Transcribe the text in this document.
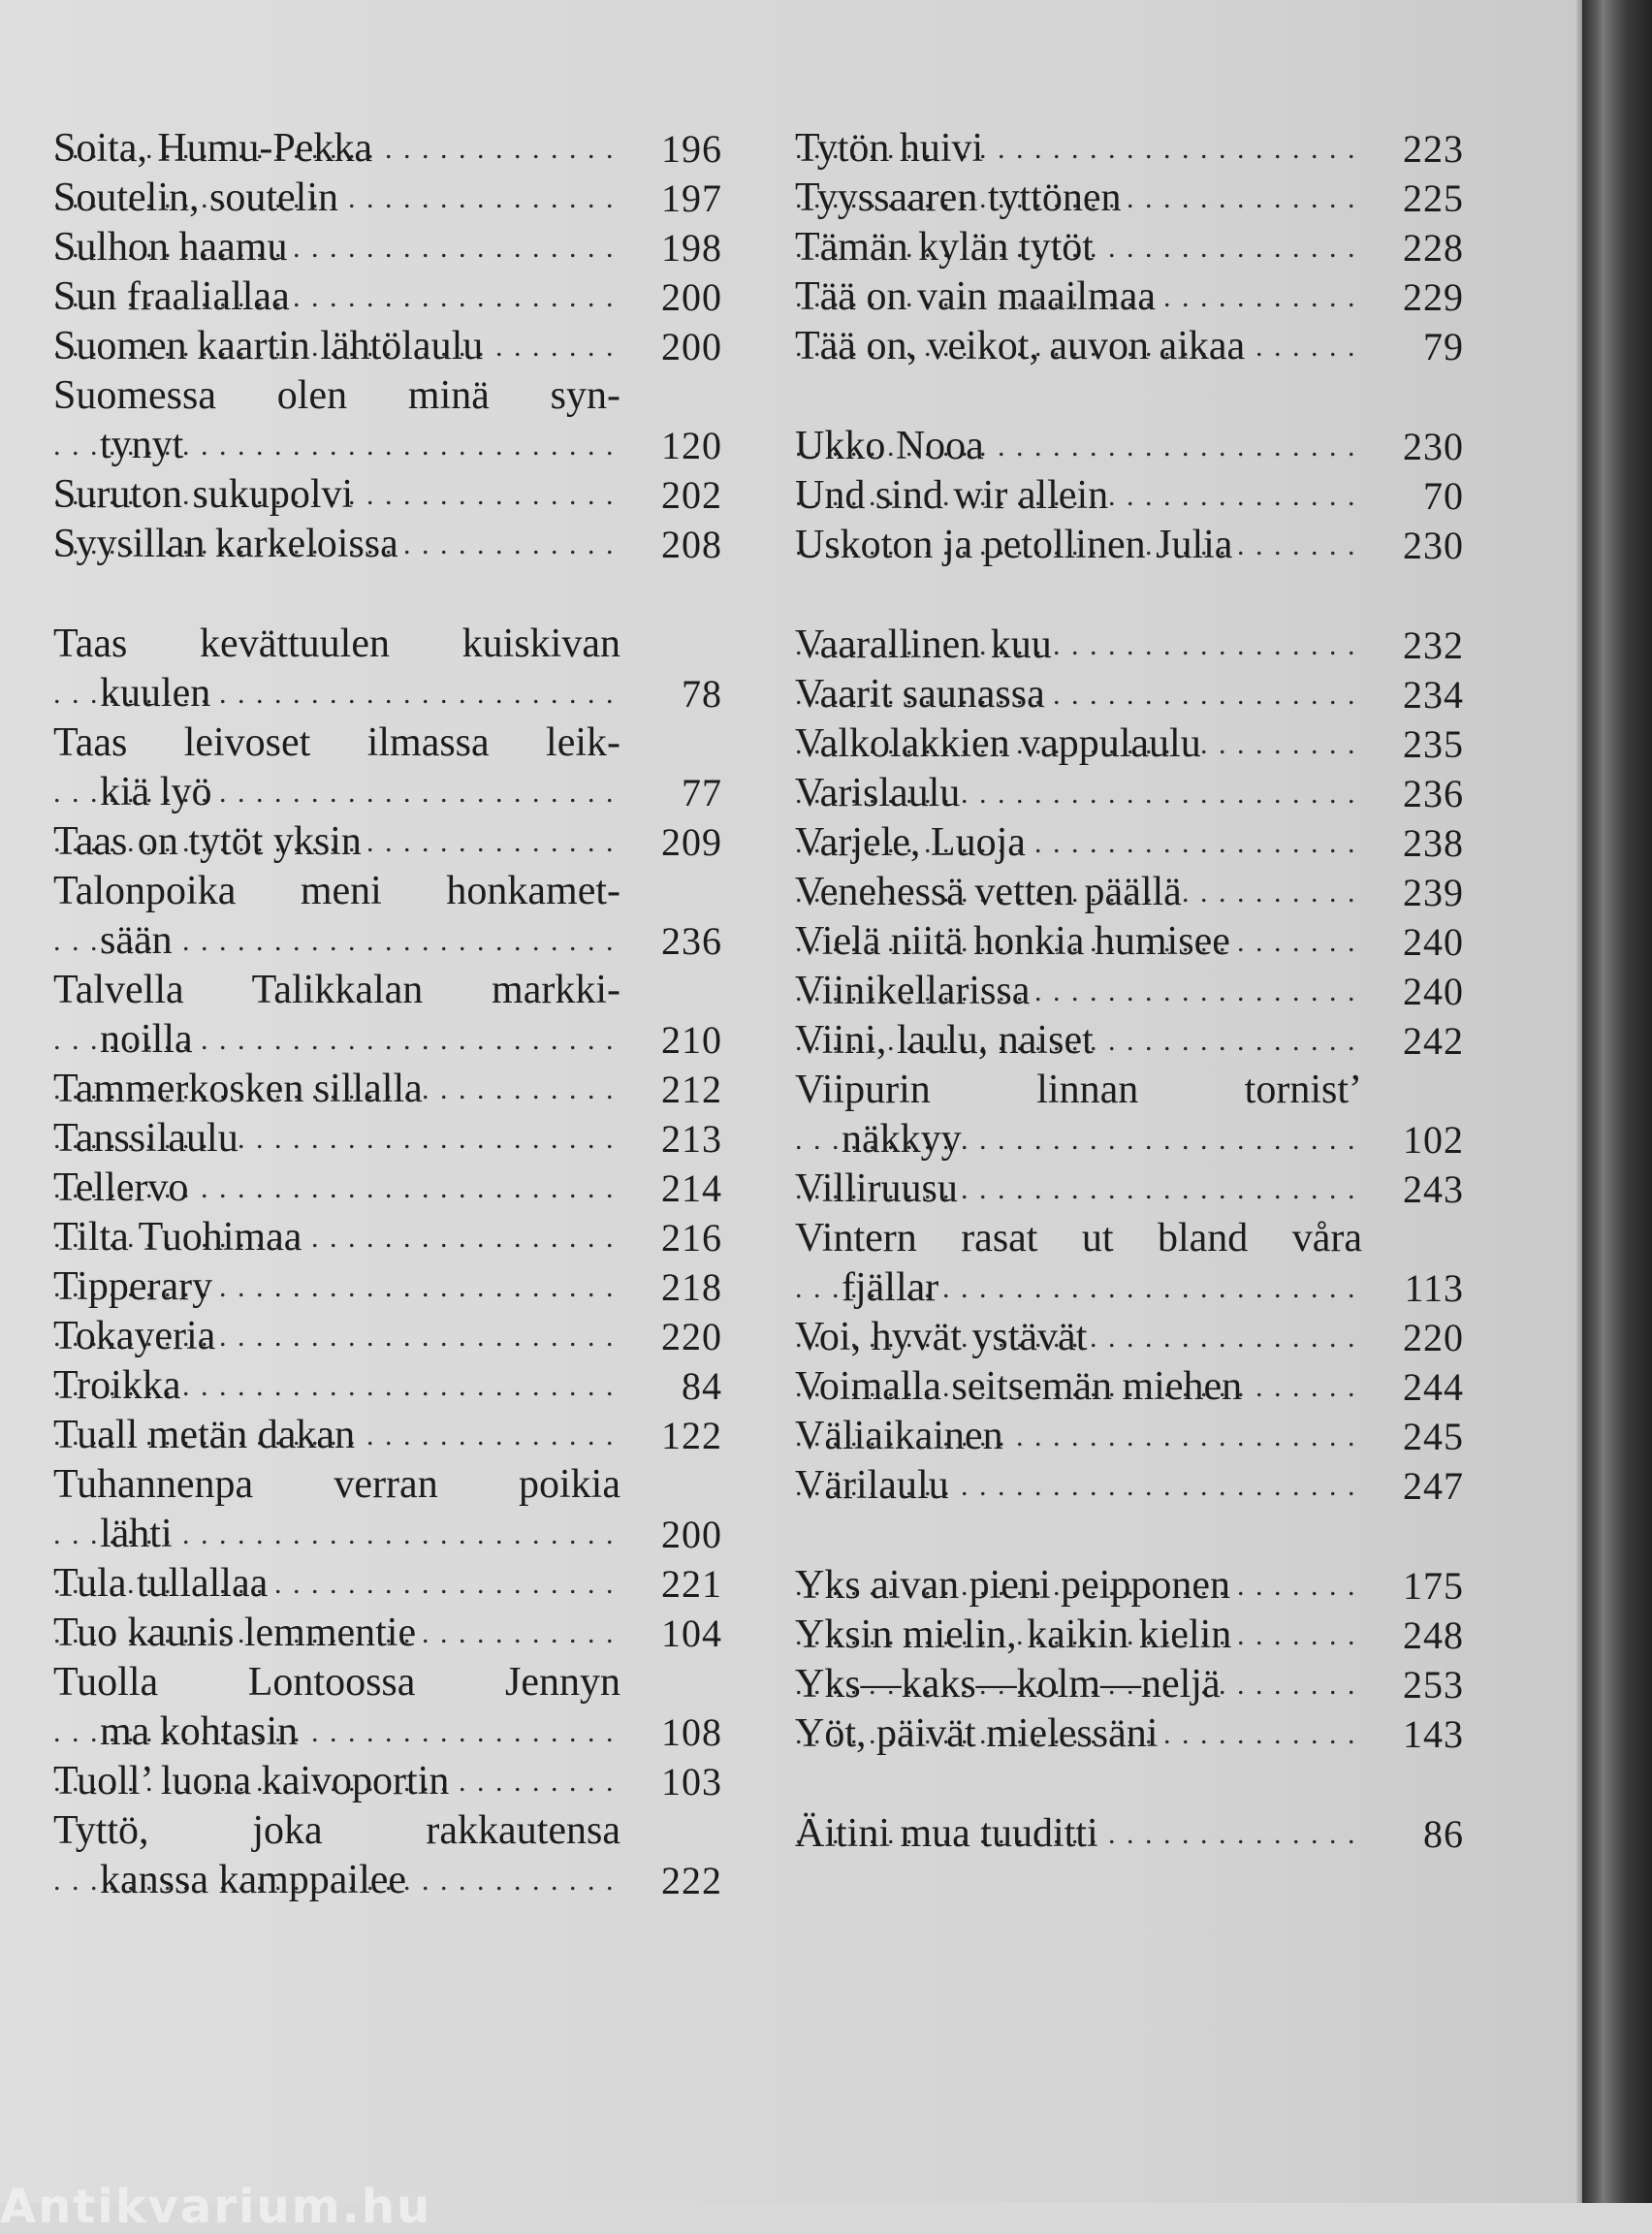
. . . Soita, Humu-Pekka	196
. . . Soutelin, soutelin	197
. . . Sulhon haamu	198
. . . Sun fraaliallaa	200
. . . Suomen kaartin lähtölaulu	200
Suomessa olen minä syn-
. . . tynyt	120
. . . Suruton sukupolvi	202
. . . Syysillan karkeloissa	208
Taas kevättuulen kuiskivan
. . . kuulen	78
Taas leivoset ilmassa leik-
. . . kiä lyö	77
. . . Taas on tytöt yksin	209
Talonpoika meni honkamet-
. . . sään	236
Talvella Talikkalan markki-
. . . noilla	210
. . . Tammerkosken sillalla	212
. . . Tanssilaulu	213
. . . Tellervo	214
. . . Tilta Tuohimaa	216
. . . Tipperary	218
. . . Tokayeria	220
. . . Troikka	84
. . . Tuall metän dakan	122
Tuhannenpa verran poikia
. . . lähti	200
. . . Tula tullallaa	221
. . . Tuo kaunis lemmentie	104
Tuolla Lontoossa Jennyn
. . . ma kohtasin	108
. . . Tuoll’ luona kaivoportin	103
Tyttö, joka rakkautensa
. . . kanssa kamppailee	222
. . . Tytön huivi	223
. . . Tyyssaaren tyttönen	225
. . . Tämän kylän tytöt	228
. . . Tää on vain maailmaa	229
. . . Tää on, veikot, auvon aikaa	79
. . . Ukko Nooa	230
. . . Und sind wir allein	70
. . . Uskoton ja petollinen Julia	230
. . . Vaarallinen kuu	232
. . . Vaarit saunassa	234
. . . Valkolakkien vappulaulu	235
. . . Varislaulu	236
. . . Varjele, Luoja	238
. . . Venehessä vetten päällä	239
. . . Vielä niitä honkia humisee	240
. . . Viinikellarissa	240
. . . Viini, laulu, naiset	242
Viipurin linnan tornist’
. . . näkkyy	102
. . . Villiruusu	243
Vintern rasat ut bland våra
. . . fjällar	113
. . . Voi, hyvät ystävät	220
. . . Voimalla seitsemän miehen	244
. . . Väliaikainen	245
. . . Värilaulu	247
. . . Yks aivan pieni peipponen	175
. . . Yksin mielin, kaikin kielin	248
. . . Yks—kaks—kolm—neljä	253
. . . Yöt, päivät mielessäni	143
. . . Äitini mua tuuditti	86
Antikvarium.hu
